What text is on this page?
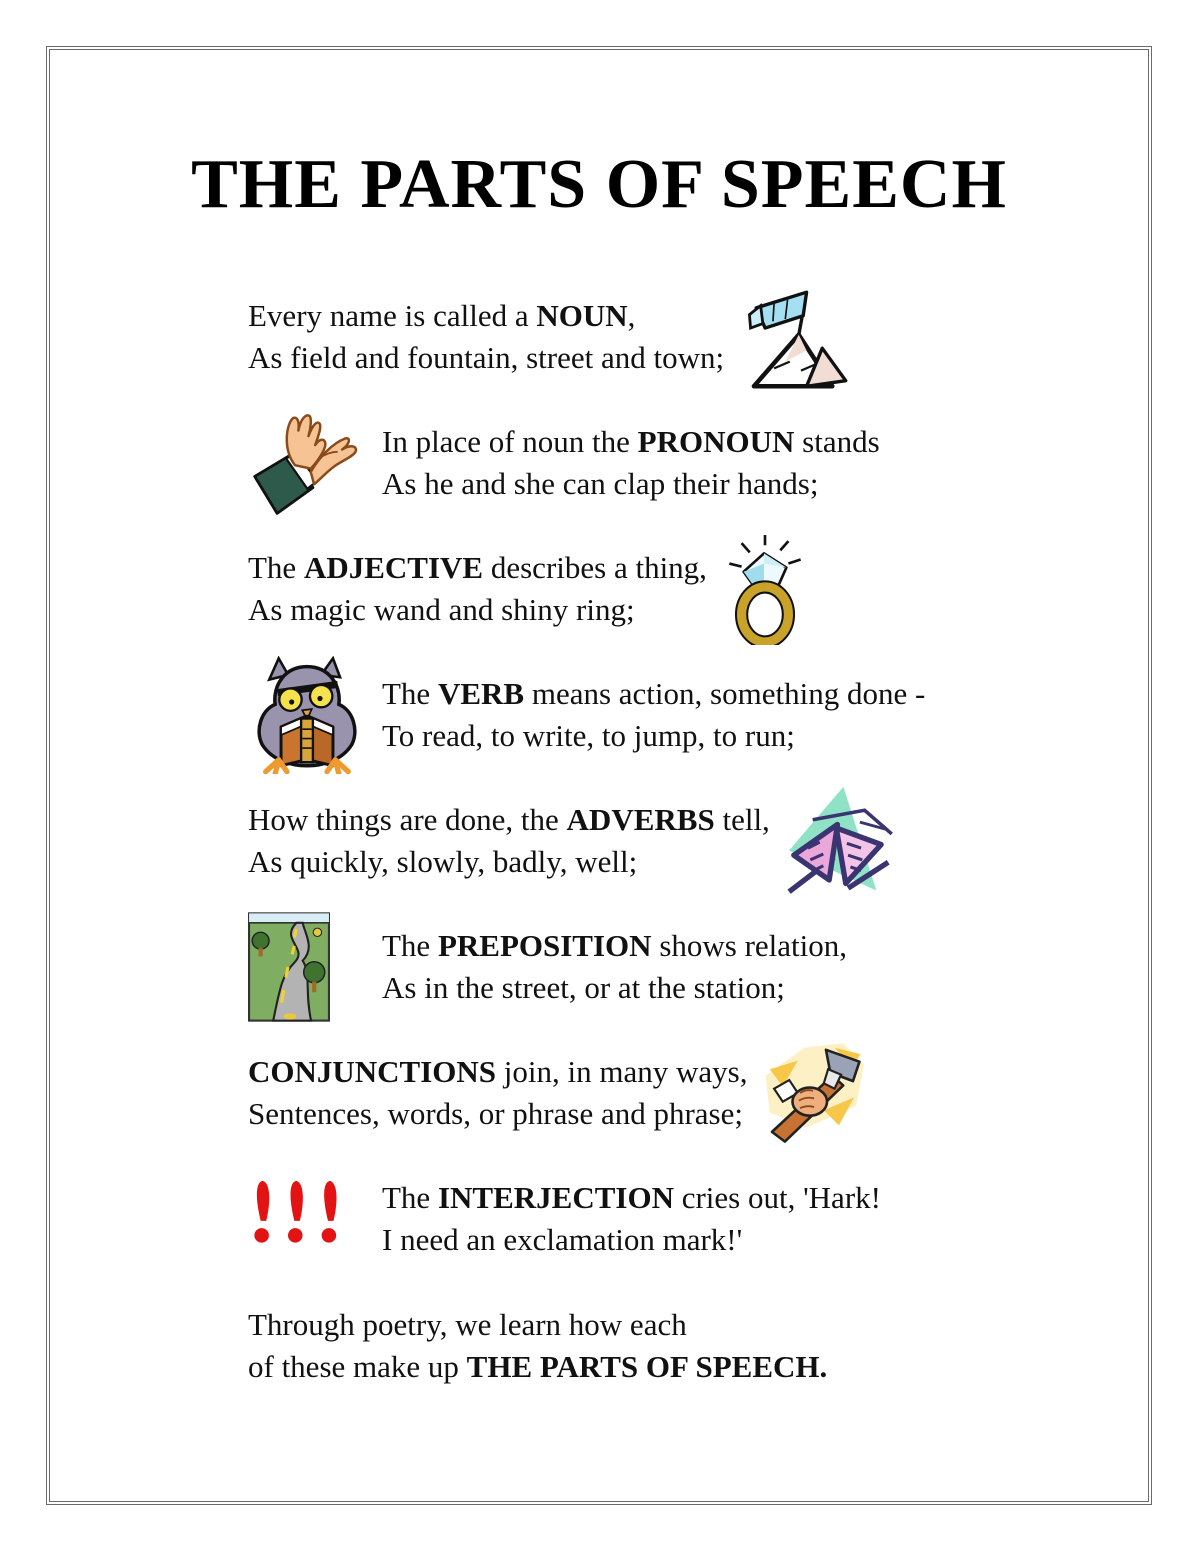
THE PARTS OF SPEECH
Every name is called a NOUN,
As field and fountain, street and town;
In place of noun the PRONOUN stands
As he and she can clap their hands;
The ADJECTIVE describes a thing,
As magic wand and shiny ring;
The VERB means action, something done -
To read, to write, to jump, to run;
How things are done, the ADVERBS tell,
As quickly, slowly, badly, well;
The PREPOSITION shows relation,
As in the street, or at the station;
CONJUNCTIONS join, in many ways,
Sentences, words, or phrase and phrase;
The INTERJECTION cries out, 'Hark!
I need an exclamation mark!'
Through poetry, we learn how each
of these make up THE PARTS OF SPEECH.
